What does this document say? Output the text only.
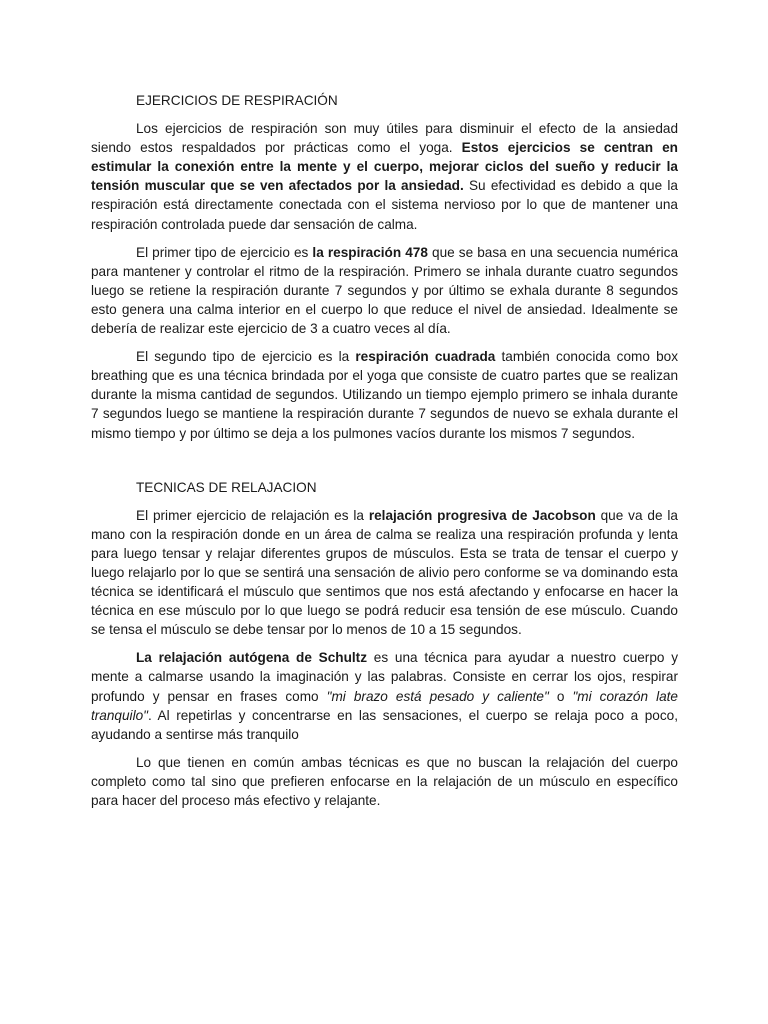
EJERCICIOS DE RESPIRACIÓN

Los ejercicios de respiración son muy útiles para disminuir el efecto de la ansiedad siendo estos respaldados por prácticas como el yoga. Estos ejercicios se centran en estimular la conexión entre la mente y el cuerpo, mejorar ciclos del sueño y reducir la tensión muscular que se ven afectados por la ansiedad. Su efectividad es debido a que la respiración está directamente conectada con el sistema nervioso por lo que de mantener una respiración controlada puede dar sensación de calma.

El primer tipo de ejercicio es la respiración 478 que se basa en una secuencia numérica para mantener y controlar el ritmo de la respiración. Primero se inhala durante cuatro segundos luego se retiene la respiración durante 7 segundos y por último se exhala durante 8 segundos esto genera una calma interior en el cuerpo lo que reduce el nivel de ansiedad. Idealmente se debería de realizar este ejercicio de 3 a cuatro veces al día.

El segundo tipo de ejercicio es la respiración cuadrada también conocida como box breathing que es una técnica brindada por el yoga que consiste de cuatro partes que se realizan durante la misma cantidad de segundos. Utilizando un tiempo ejemplo primero se inhala durante 7 segundos luego se mantiene la respiración durante 7 segundos de nuevo se exhala durante el mismo tiempo y por último se deja a los pulmones vacíos durante los mismos 7 segundos.

TECNICAS DE RELAJACION

El primer ejercicio de relajación es la relajación progresiva de Jacobson que va de la mano con la respiración donde en un área de calma se realiza una respiración profunda y lenta para luego tensar y relajar diferentes grupos de músculos. Esta se trata de tensar el cuerpo y luego relajarlo por lo que se sentirá una sensación de alivio pero conforme se va dominando esta técnica se identificará el músculo que sentimos que nos está afectando y enfocarse en hacer la técnica en ese músculo por lo que luego se podrá reducir esa tensión de ese músculo. Cuando se tensa el músculo se debe tensar por lo menos de 10 a 15 segundos.

La relajación autógena de Schultz es una técnica para ayudar a nuestro cuerpo y mente a calmarse usando la imaginación y las palabras. Consiste en cerrar los ojos, respirar profundo y pensar en frases como "mi brazo está pesado y caliente" o "mi corazón late tranquilo". Al repetirlas y concentrarse en las sensaciones, el cuerpo se relaja poco a poco, ayudando a sentirse más tranquilo

Lo que tienen en común ambas técnicas es que no buscan la relajación del cuerpo completo como tal sino que prefieren enfocarse en la relajación de un músculo en específico para hacer del proceso más efectivo y relajante.
